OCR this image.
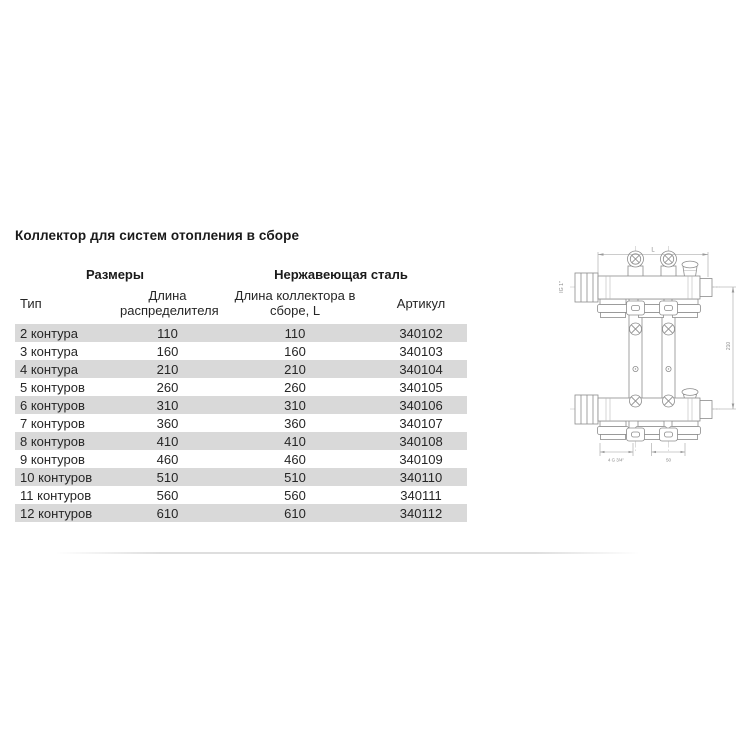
Коллектор для систем отопления в сборе
Размеры		Нержавеющая сталь	
Тип	Длина распределителя	Длина коллектора в сборе, L	Артикул
2 контура	110	110	340102
3 контура	160	160	340103
4 контура	210	210	340104
5 контуров	260	260	340105
6 контуров	310	310	340106
7 контуров	360	360	340107
8 контуров	410	410	340108
9 контуров	460	460	340109
10 контуров	510	510	340110
11 контуров	560	560	340111
12 контуров	610	610	340112
L
IG 1"
210
4 G 3/4"	50
